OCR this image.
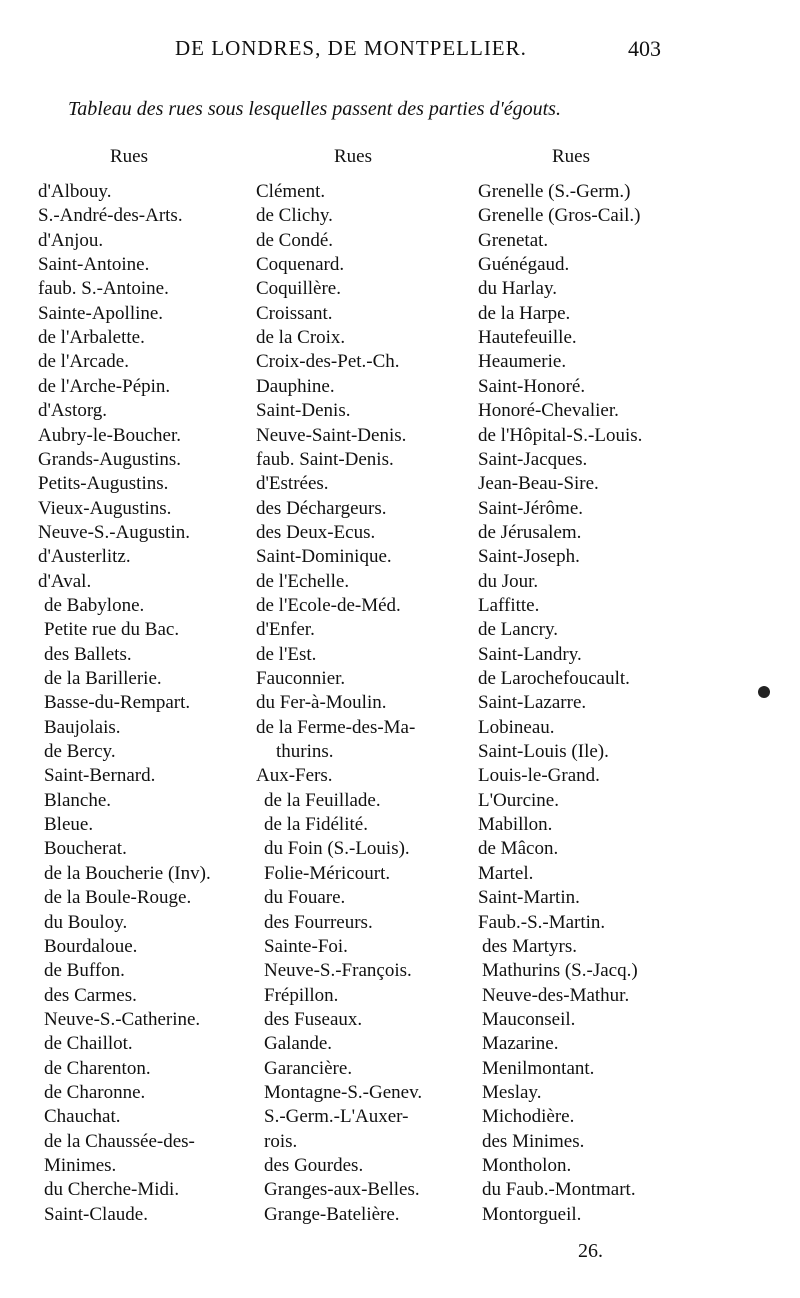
DE LONDRES, DE MONTPELLIER.	403
Tableau des rues sous lesquelles passent des parties d'égouts.
Rues	Rues	Rues
d'Albouy.
S.-André-des-Arts.
d'Anjou.
Saint-Antoine.
faub. S.-Antoine.
Sainte-Apolline.
de l'Arbalette.
de l'Arcade.
de l'Arche-Pépin.
d'Astorg.
Aubry-le-Boucher.
Grands-Augustins.
Petits-Augustins.
Vieux-Augustins.
Neuve-S.-Augustin.
d'Austerlitz.
d'Aval.
de Babylone.
Petite rue du Bac.
des Ballets.
de la Barillerie.
Basse-du-Rempart.
Baujolais.
de Bercy.
Saint-Bernard.
Blanche.
Bleue.
Boucherat.
de la Boucherie (Inv).
de la Boule-Rouge.
du Bouloy.
Bourdaloue.
de Buffon.
des Carmes.
Neuve-S.-Catherine.
de Chaillot.
de Charenton.
de Charonne.
Chauchat.
de la Chaussée-des-
Minimes.
du Cherche-Midi.
Saint-Claude.
Clément.
de Clichy.
de Condé.
Coquenard.
Coquillère.
Croissant.
de la Croix.
Croix-des-Pet.-Ch.
Dauphine.
Saint-Denis.
Neuve-Saint-Denis.
faub. Saint-Denis.
d'Estrées.
des Déchargeurs.
des Deux-Ecus.
Saint-Dominique.
de l'Echelle.
de l'Ecole-de-Méd.
d'Enfer.
de l'Est.
Fauconnier.
du Fer-à-Moulin.
de la Ferme-des-Ma-
thurins.
Aux-Fers.
de la Feuillade.
de la Fidélité.
du Foin (S.-Louis).
Folie-Méricourt.
du Fouare.
des Fourreurs.
Sainte-Foi.
Neuve-S.-François.
Frépillon.
des Fuseaux.
Galande.
Garancière.
Montagne-S.-Genev.
S.-Germ.-L'Auxer-
rois.
des Gourdes.
Granges-aux-Belles.
Grange-Batelière.
Grenelle (S.-Germ.)
Grenelle (Gros-Cail.)
Grenetat.
Guénégaud.
du Harlay.
de la Harpe.
Hautefeuille.
Heaumerie.
Saint-Honoré.
Honoré-Chevalier.
de l'Hôpital-S.-Louis.
Saint-Jacques.
Jean-Beau-Sire.
Saint-Jérôme.
de Jérusalem.
Saint-Joseph.
du Jour.
Laffitte.
de Lancry.
Saint-Landry.
de Larochefoucault.
Saint-Lazarre.
Lobineau.
Saint-Louis (Ile).
Louis-le-Grand.
L'Ourcine.
Mabillon.
de Mâcon.
Martel.
Saint-Martin.
Faub.-S.-Martin.
des Martyrs.
Mathurins (S.-Jacq.)
Neuve-des-Mathur.
Mauconseil.
Mazarine.
Menilmontant.
Meslay.
Michodière.
des Minimes.
Montholon.
du Faub.-Montmart.
Montorgueil.
26.
